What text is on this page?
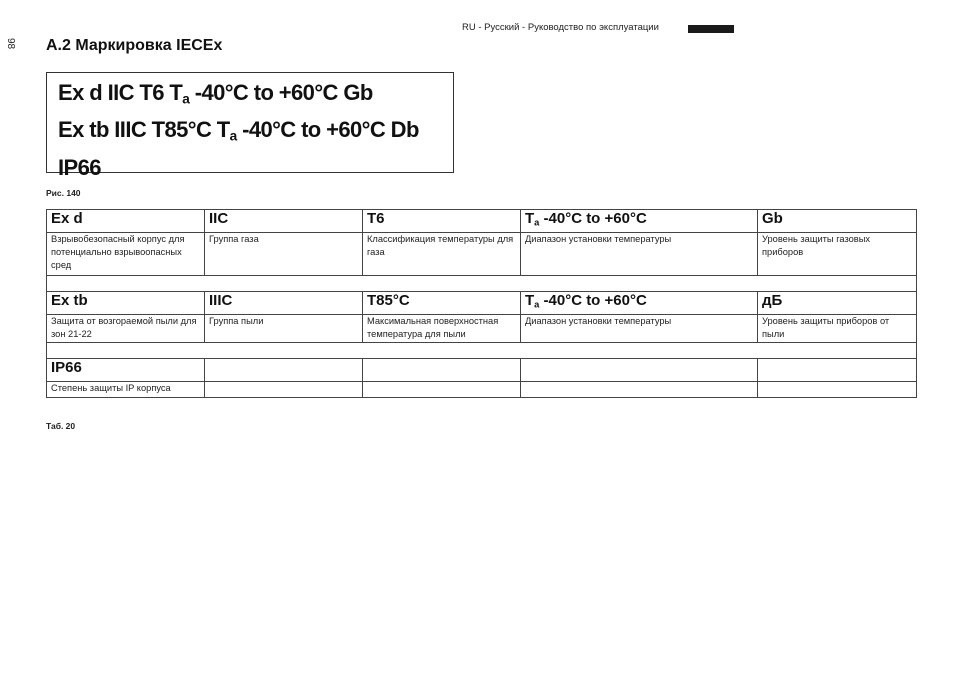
RU - Русский - Руководство по эксплуатации
98 A.2 Маркировка IECEx
Ex d IIC T6 $T_a$ -40°C to +60°C Gb
Ex tb IIIC T85°C $T_a$ -40°C to +60°C Db
IP66
Рис. 140
Ex d	IIC	T6	$T_a$ -40°C to +60°C	Gb
Взрывобезопасный корпус для потенциально взрывоопасных сред	Группа газа	Классификация температуры для газа	Диапазон установки температуры	Уровень защиты газовых приборов

Ex tb	IIIC	T85°C	$T_a$ -40°C to +60°C	дБ
Защита от возгораемой пыли для зон 21-22	Группа пыли	Максимальная поверхностная температура для пыли	Диапазон установки температуры	Уровень защиты приборов от пыли

IP66				
Степень защиты IP корпуса				
Таб. 20
